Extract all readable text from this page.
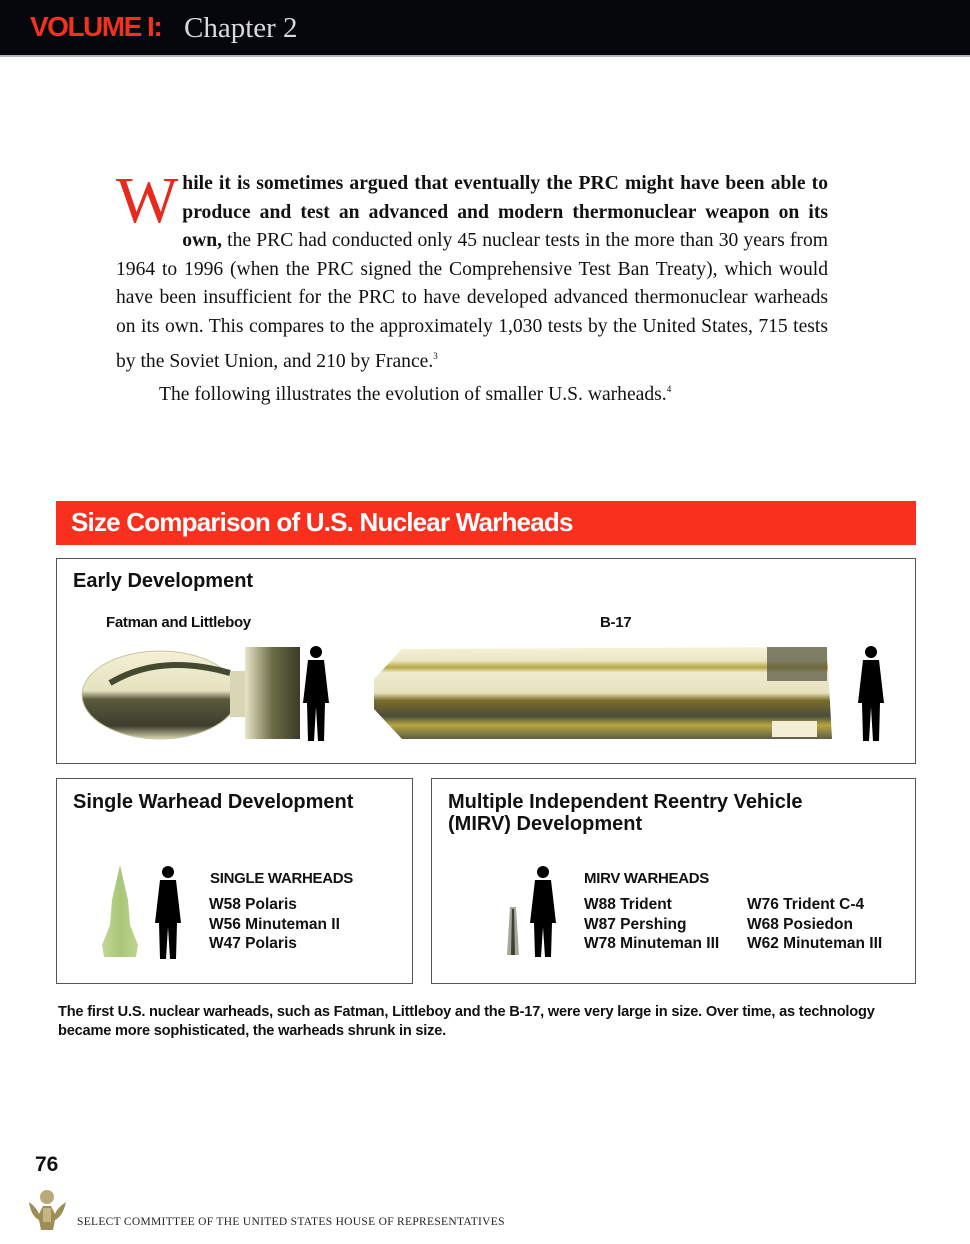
VOLUME I: Chapter 2
While it is sometimes argued that eventually the PRC might have been able to produce and test an advanced and modern thermonuclear weapon on its own, the PRC had conducted only 45 nuclear tests in the more than 30 years from 1964 to 1996 (when the PRC signed the Comprehensive Test Ban Treaty), which would have been insufficient for the PRC to have developed advanced thermonuclear warheads on its own. This compares to the approximately 1,030 tests by the United States, 715 tests by the Soviet Union, and 210 by France.$^3$
The following illustrates the evolution of smaller U.S. warheads.$^4$
Size Comparison of U.S. Nuclear Warheads
Early Development
Fatman and Littleboy	B-17
Single Warhead Development
SINGLE WARHEADS
W58 Polaris
W56 Minuteman II
W47 Polaris
Multiple Independent Reentry Vehicle
(MIRV) Development
MIRV WARHEADS
W88 Trident
W87 Pershing
W78 Minuteman III
W76 Trident C-4
W68 Posiedon
W62 Minuteman III
The first U.S. nuclear warheads, such as Fatman, Littleboy and the B-17, were very large in size. Over time, as technology became more sophisticated, the warheads shrunk in size.
76
SELECT COMMITTEE OF THE UNITED STATES HOUSE OF REPRESENTATIVES
